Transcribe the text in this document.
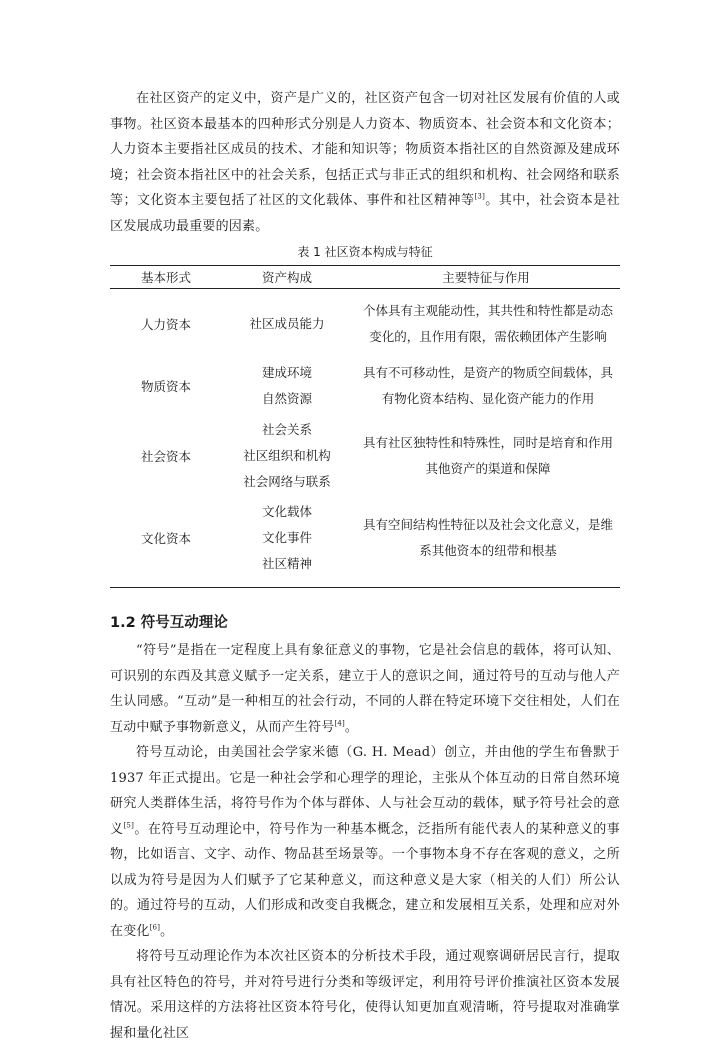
在社区资产的定义中，资产是广义的，社区资产包含一切对社区发展有价值的人或事物。社区资本最基本的四种形式分别是人力资本、物质资本、社会资本和文化资本；人力资本主要指社区成员的技术、才能和知识等；物质资本指社区的自然资源及建成环境；社会资本指社区中的社会关系，包括正式与非正式的组织和机构、社会网络和联系等；文化资本主要包括了社区的文化载体、事件和社区精神等[3]。其中，社会资本是社区发展成功最重要的因素。

表 1 社区资本构成与特征
基本形式	资产构成	主要特征与作用
人力资本	社区成员能力	个体具有主观能动性，其共性和特性都是动态
变化的，且作用有限，需依赖团体产生影响

物质资本	建成环境
自然资源	具有不可移动性，是资产的物质空间载体，具
有物化资本结构、显化资产能力的作用

社会资本	社会关系
社区组织和机构
社会网络与联系	具有社区独特性和特殊性，同时是培育和作用
其他资产的渠道和保障

文化资本	文化载体
文化事件
社区精神	具有空间结构性特征以及社会文化意义，是维
系其他资本的纽带和根基
1.2 符号互动理论

“符号”是指在一定程度上具有象征意义的事物，它是社会信息的载体，将可认知、可识别的东西及其意义赋予一定关系，建立于人的意识之间，通过符号的互动与他人产生认同感。“互动”是一种相互的社会行动，不同的人群在特定环境下交往相处，人们在互动中赋予事物新意义，从而产生符号[4]。

符号互动论，由美国社会学家米德（G. H. Mead）创立，并由他的学生布鲁默于 1937 年正式提出。它是一种社会学和心理学的理论，主张从个体互动的日常自然环境研究人类群体生活，将符号作为个体与群体、人与社会互动的载体，赋予符号社会的意义[5]。在符号互动理论中，符号作为一种基本概念，泛指所有能代表人的某种意义的事物，比如语言、文字、动作、物品甚至场景等。一个事物本身不存在客观的意义，之所以成为符号是因为人们赋予了它某种意义，而这种意义是大家（相关的人们）所公认的。通过符号的互动，人们形成和改变自我概念，建立和发展相互关系，处理和应对外在变化[6]。

将符号互动理论作为本次社区资本的分析技术手段，通过观察调研居民言行，提取具有社区特色的符号，并对符号进行分类和等级评定，利用符号评价推演社区资本发展情况。采用这样的方法将社区资本符号化，使得认知更加直观清晰，符号提取对准确掌握和量化社区
